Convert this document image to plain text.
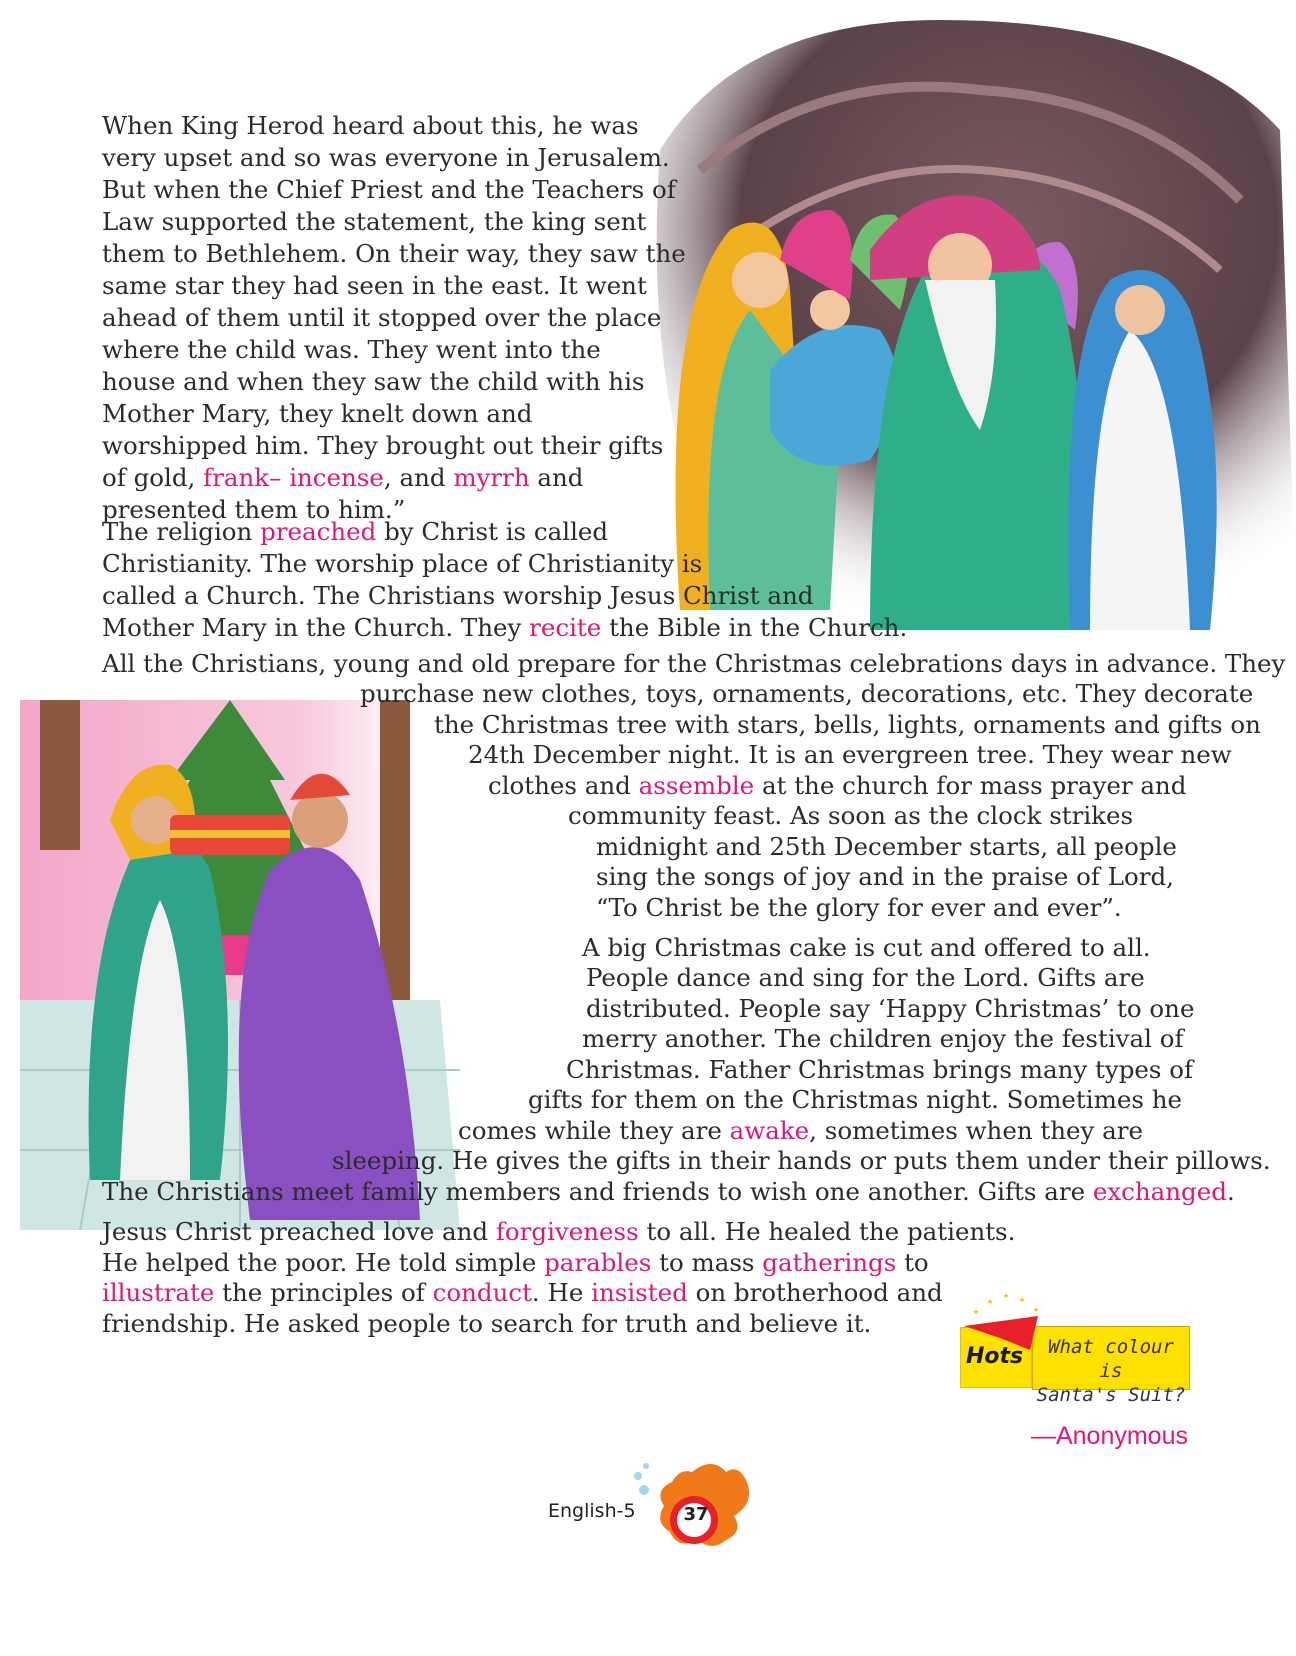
When King Herod heard about this, he was
very upset and so was everyone in Jerusalem.
But when the Chief Priest and the Teachers of
Law supported the statement, the king sent
them to Bethlehem. On their way, they saw the
same star they had seen in the east. It went
ahead of them until it stopped over the place
where the child was. They went into the
house and when they saw the child with his
Mother Mary, they knelt down and
worshipped him. They brought out their gifts
of gold, frank– incense, and myrrh and
presented them to him.”
The religion preached by Christ is called
Christianity. The worship place of Christianity is
called a Church. The Christians worship Jesus Christ and
Mother Mary in the Church. They recite the Bible in the Church.
All the Christians, young and old prepare for the Christmas celebrations days in advance. They
purchase new clothes, toys, ornaments, decorations, etc. They decorate
the Christmas tree with stars, bells, lights, ornaments and gifts on
24th December night. It is an evergreen tree. They wear new
clothes and assemble at the church for mass prayer and
community feast. As soon as the clock strikes
midnight and 25th December starts, all people
sing the songs of joy and in the praise of Lord,
“To Christ be the glory for ever and ever”.
A big Christmas cake is cut and offered to all.
People dance and sing for the Lord. Gifts are
distributed. People say ‘Happy Christmas’ to one
merry another. The children enjoy the festival of
Christmas. Father Christmas brings many types of
gifts for them on the Christmas night. Sometimes he
comes while they are awake, sometimes when they are
sleeping. He gives the gifts in their hands or puts them under their pillows.
The Christians meet family members and friends to wish one another. Gifts are exchanged.
Jesus Christ preached love and forgiveness to all. He healed the patients.
He helped the poor. He told simple parables to mass gatherings to
illustrate the principles of conduct. He insisted on brotherhood and
friendship. He asked people to search for truth and believe it.
What colour is
Santa's Suit?
Hots
—Anonymous
English-5	37
